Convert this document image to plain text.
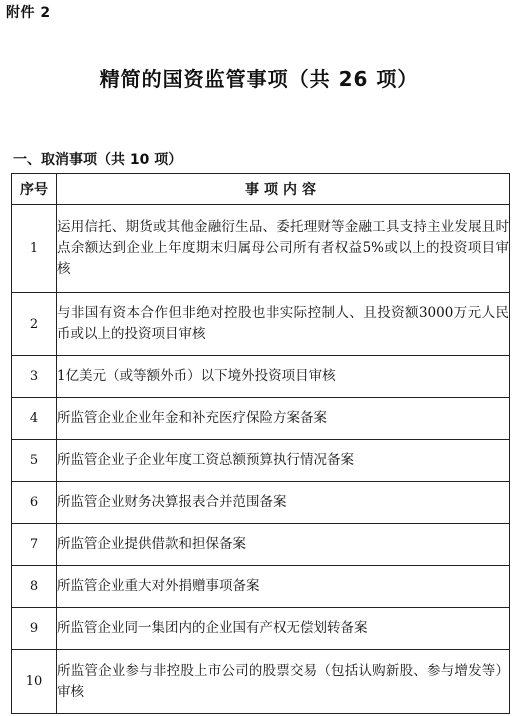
附件 2
精简的国资监管事项（共 26 项）
一、取消事项（共 10 项）
序号	事项内容
1	运用信托、期货或其他金融衍生品、委托理财等金融工具支持主业发展且时点余额达到企业上年度期末归属母公司所有者权益5%或以上的投资项目审核
2	与非国有资本合作但非绝对控股也非实际控制人、且投资额3000万元人民币或以上的投资项目审核
3	1亿美元（或等额外币）以下境外投资项目审核
4	所监管企业企业年金和补充医疗保险方案备案
5	所监管企业子企业年度工资总额预算执行情况备案
6	所监管企业财务决算报表合并范围备案
7	所监管企业提供借款和担保备案
8	所监管企业重大对外捐赠事项备案
9	所监管企业同一集团内的企业国有产权无偿划转备案
10	所监管企业参与非控股上市公司的股票交易（包括认购新股、参与增发等）审核
